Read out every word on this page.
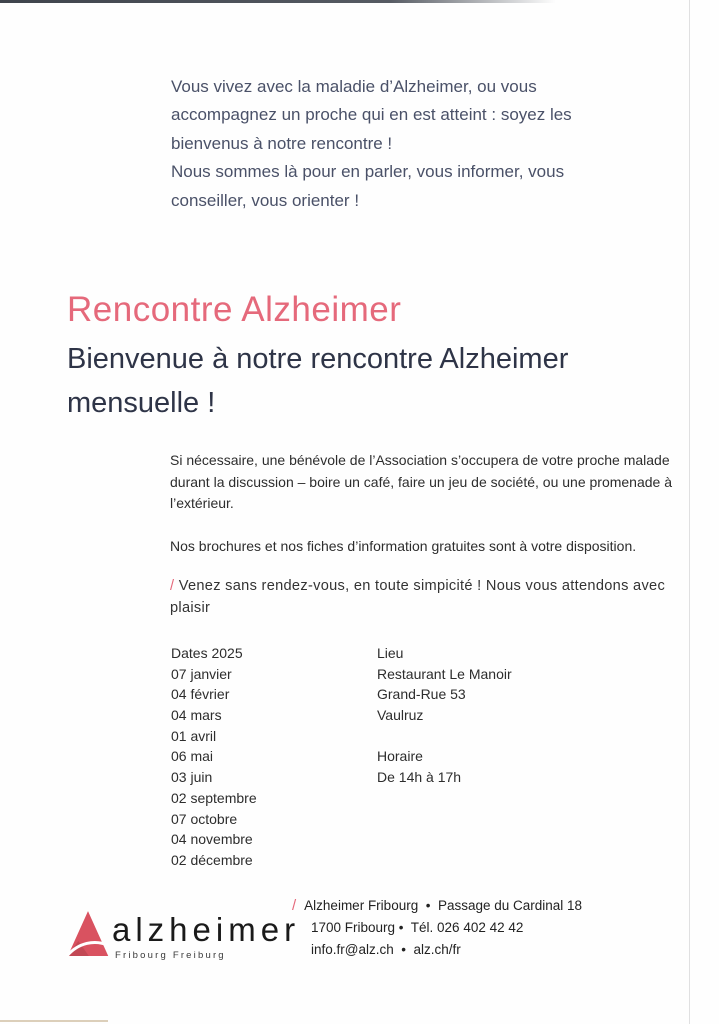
Vous vivez avec la maladie d’Alzheimer, ou vous
accompagnez un proche qui en est atteint : soyez les
bienvenus à notre rencontre !
Nous sommes là pour en parler, vous informer, vous
conseiller, vous orienter !
Rencontre Alzheimer
Bienvenue à notre rencontre Alzheimer
mensuelle !
Si nécessaire, une bénévole de l’Association s’occupera de votre proche malade
durant la discussion – boire un café, faire un jeu de société, ou une promenade à
l’extérieur.
Nos brochures et nos fiches d’information gratuites sont à votre disposition.
/ Venez sans rendez-vous, en toute simpicité ! Nous vous attendons avec
plaisir
Dates 2025
07 janvier
04 février
04 mars
01 avril
06 mai
03 juin
02 septembre
07 octobre
04 novembre
02 décembre
Lieu
Restaurant Le Manoir
Grand-Rue 53
Vaulruz
Horaire
De 14h à 17h
alzheimer
Fribourg Freiburg
/ Alzheimer Fribourg  •  Passage du Cardinal 18
1700 Fribourg •  Tél. 026 402 42 42
info.fr@alz.ch  •  alz.ch/fr
